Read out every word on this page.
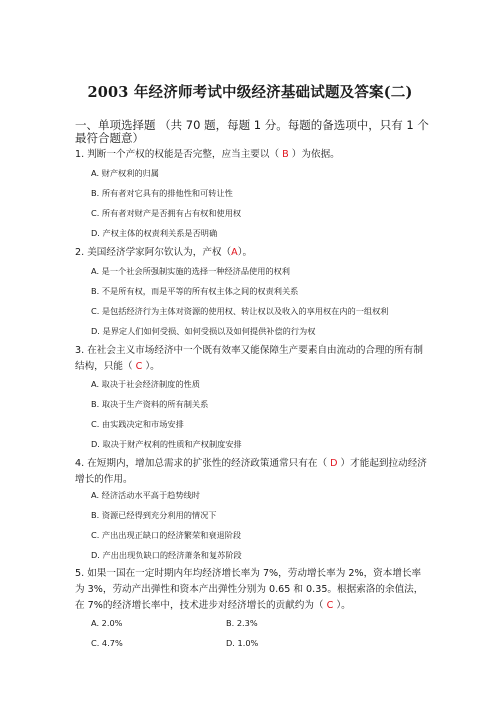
2003 年经济师考试中级经济基础试题及答案(二)
一、单项选择题 （共 70 题，每题 1 分。每题的备选项中，只有 1 个最符合题意）
1. 判断一个产权的权能是否完整，应当主要以（ B ）为依据。
A. 财产权利的归属
B. 所有者对它具有的排他性和可转让性
C. 所有者对财产是否拥有占有权和使用权
D. 产权主体的权责利关系是否明确
2. 美国经济学家阿尔钦认为，产权（A）。
A. 是一个社会所强制实施的选择一种经济品使用的权利
B. 不是所有权，而是平等的所有权主体之间的权责利关系
C. 是包括经济行为主体对资源的使用权、转让权以及收入的享用权在内的一组权利
D. 是界定人们如何受损、如何受损以及如何提供补偿的行为权
3. 在社会主义市场经济中一个既有效率又能保障生产要素自由流动的合理的所有制结构，只能（ C ）。
A. 取决于社会经济制度的性质
B. 取决于生产资料的所有制关系
C. 由实践决定和市场安排
D. 取决于财产权利的性质和产权制度安排
4. 在短期内，增加总需求的扩张性的经济政策通常只有在（ D ）才能起到拉动经济增长的作用。
A. 经济活动水平高于趋势线时
B. 资源已经得到充分利用的情况下
C. 产出出现正缺口的经济繁荣和衰退阶段
D. 产出出现负缺口的经济萧条和复苏阶段
5. 如果一国在一定时期内年均经济增长率为 7%，劳动增长率为 2%，资本增长率为 3%，劳动产出弹性和资本产出弹性分别为 0.65 和 0.35。根据索洛的余值法，在 7%的经济增长率中，技术进步对经济增长的贡献约为（ C ）。
A. 2.0%	B. 2.3%
C. 4.7%	D. 1.0%
